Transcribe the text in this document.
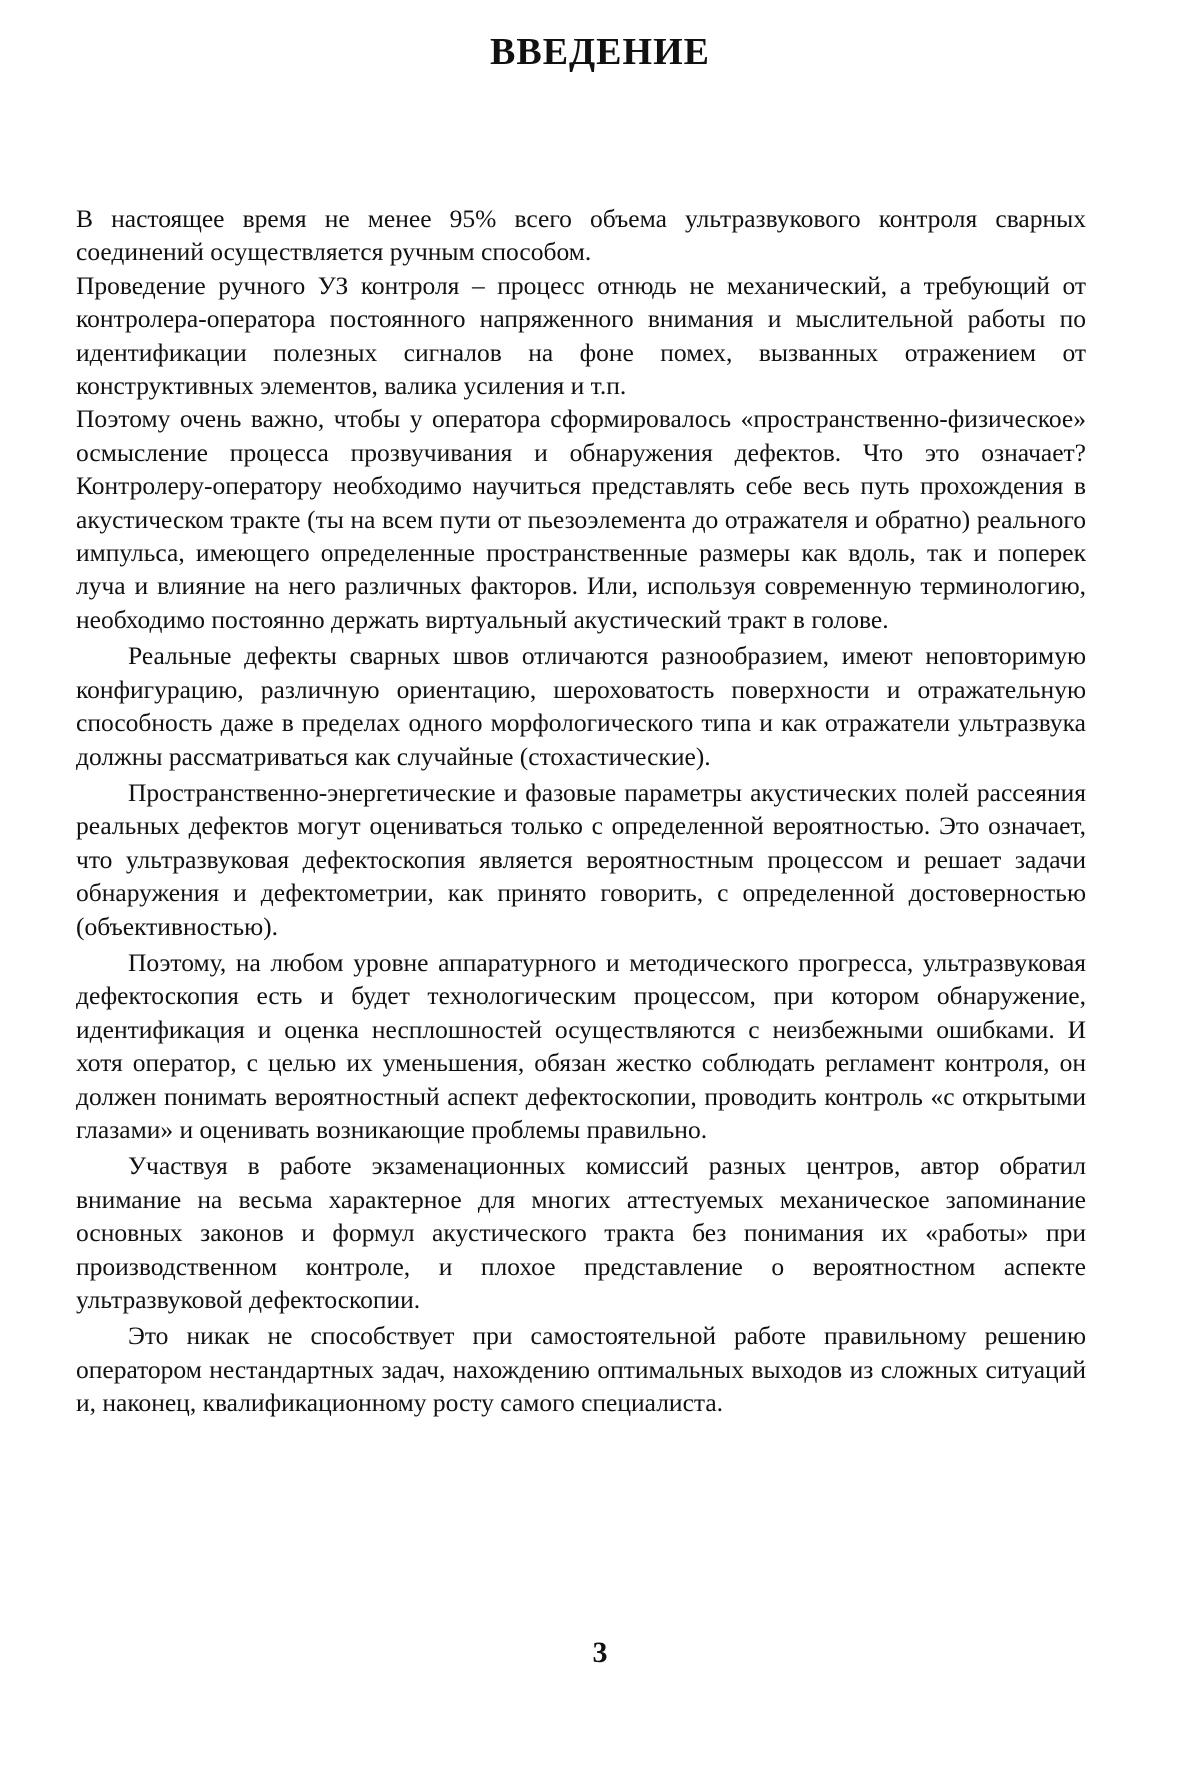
ВВЕДЕНИЕ

В настоящее время не менее 95% всего объема ультразвукового контроля сварных соединений осуществляется ручным способом.

Проведение ручного УЗ контроля – процесс отнюдь не механический, а требующий от контролера-оператора постоянного напряженного внимания и мыслительной работы по идентификации полезных сигналов на фоне помех, вызванных отражением от конструктивных элементов, валика усиления и т.п.

Поэтому очень важно, чтобы у оператора сформировалось «пространственно-физическое» осмысление процесса прозвучивания и обнаружения дефектов. Что это означает? Контролеру-оператору необходимо научиться представлять себе весь путь прохождения в акустическом тракте (ты на всем пути от пьезоэлемента до отражателя и обратно) реального импульса, имеющего определенные пространственные размеры как вдоль, так и поперек луча и влияние на него различных факторов. Или, используя современную терминологию, необходимо постоянно держать виртуальный акустический тракт в голове.

Реальные дефекты сварных швов отличаются разнообразием, имеют неповторимую конфигурацию, различную ориентацию, шероховатость поверхности и отражательную способность даже в пределах одного морфологического типа и как отражатели ультразвука должны рассматриваться как случайные (стохастические).

Пространственно-энергетические и фазовые параметры акустических полей рассеяния реальных дефектов могут оцениваться только с определенной вероятностью. Это означает, что ультразвуковая дефектоскопия является вероятностным процессом и решает задачи обнаружения и дефектометрии, как принято говорить, с определенной достоверностью (объективностью).

Поэтому, на любом уровне аппаратурного и методического прогресса, ультразвуковая дефектоскопия есть и будет технологическим процессом, при котором обнаружение, идентификация и оценка несплошностей осуществляются с неизбежными ошибками. И хотя оператор, с целью их уменьшения, обязан жестко соблюдать регламент контроля, он должен понимать вероятностный аспект дефектоскопии, проводить контроль «с открытыми глазами» и оценивать возникающие проблемы правильно.

Участвуя в работе экзаменационных комиссий разных центров, автор обратил внимание на весьма характерное для многих аттестуемых механическое запоминание основных законов и формул акустического тракта без понимания их «работы» при производственном контроле, и плохое представление о вероятностном аспекте ультразвуковой дефектоскопии.

Это никак не способствует при самостоятельной работе правильному решению оператором нестандартных задач, нахождению оптимальных выходов из сложных ситуаций и, наконец, квалификационному росту самого специалиста.

3
